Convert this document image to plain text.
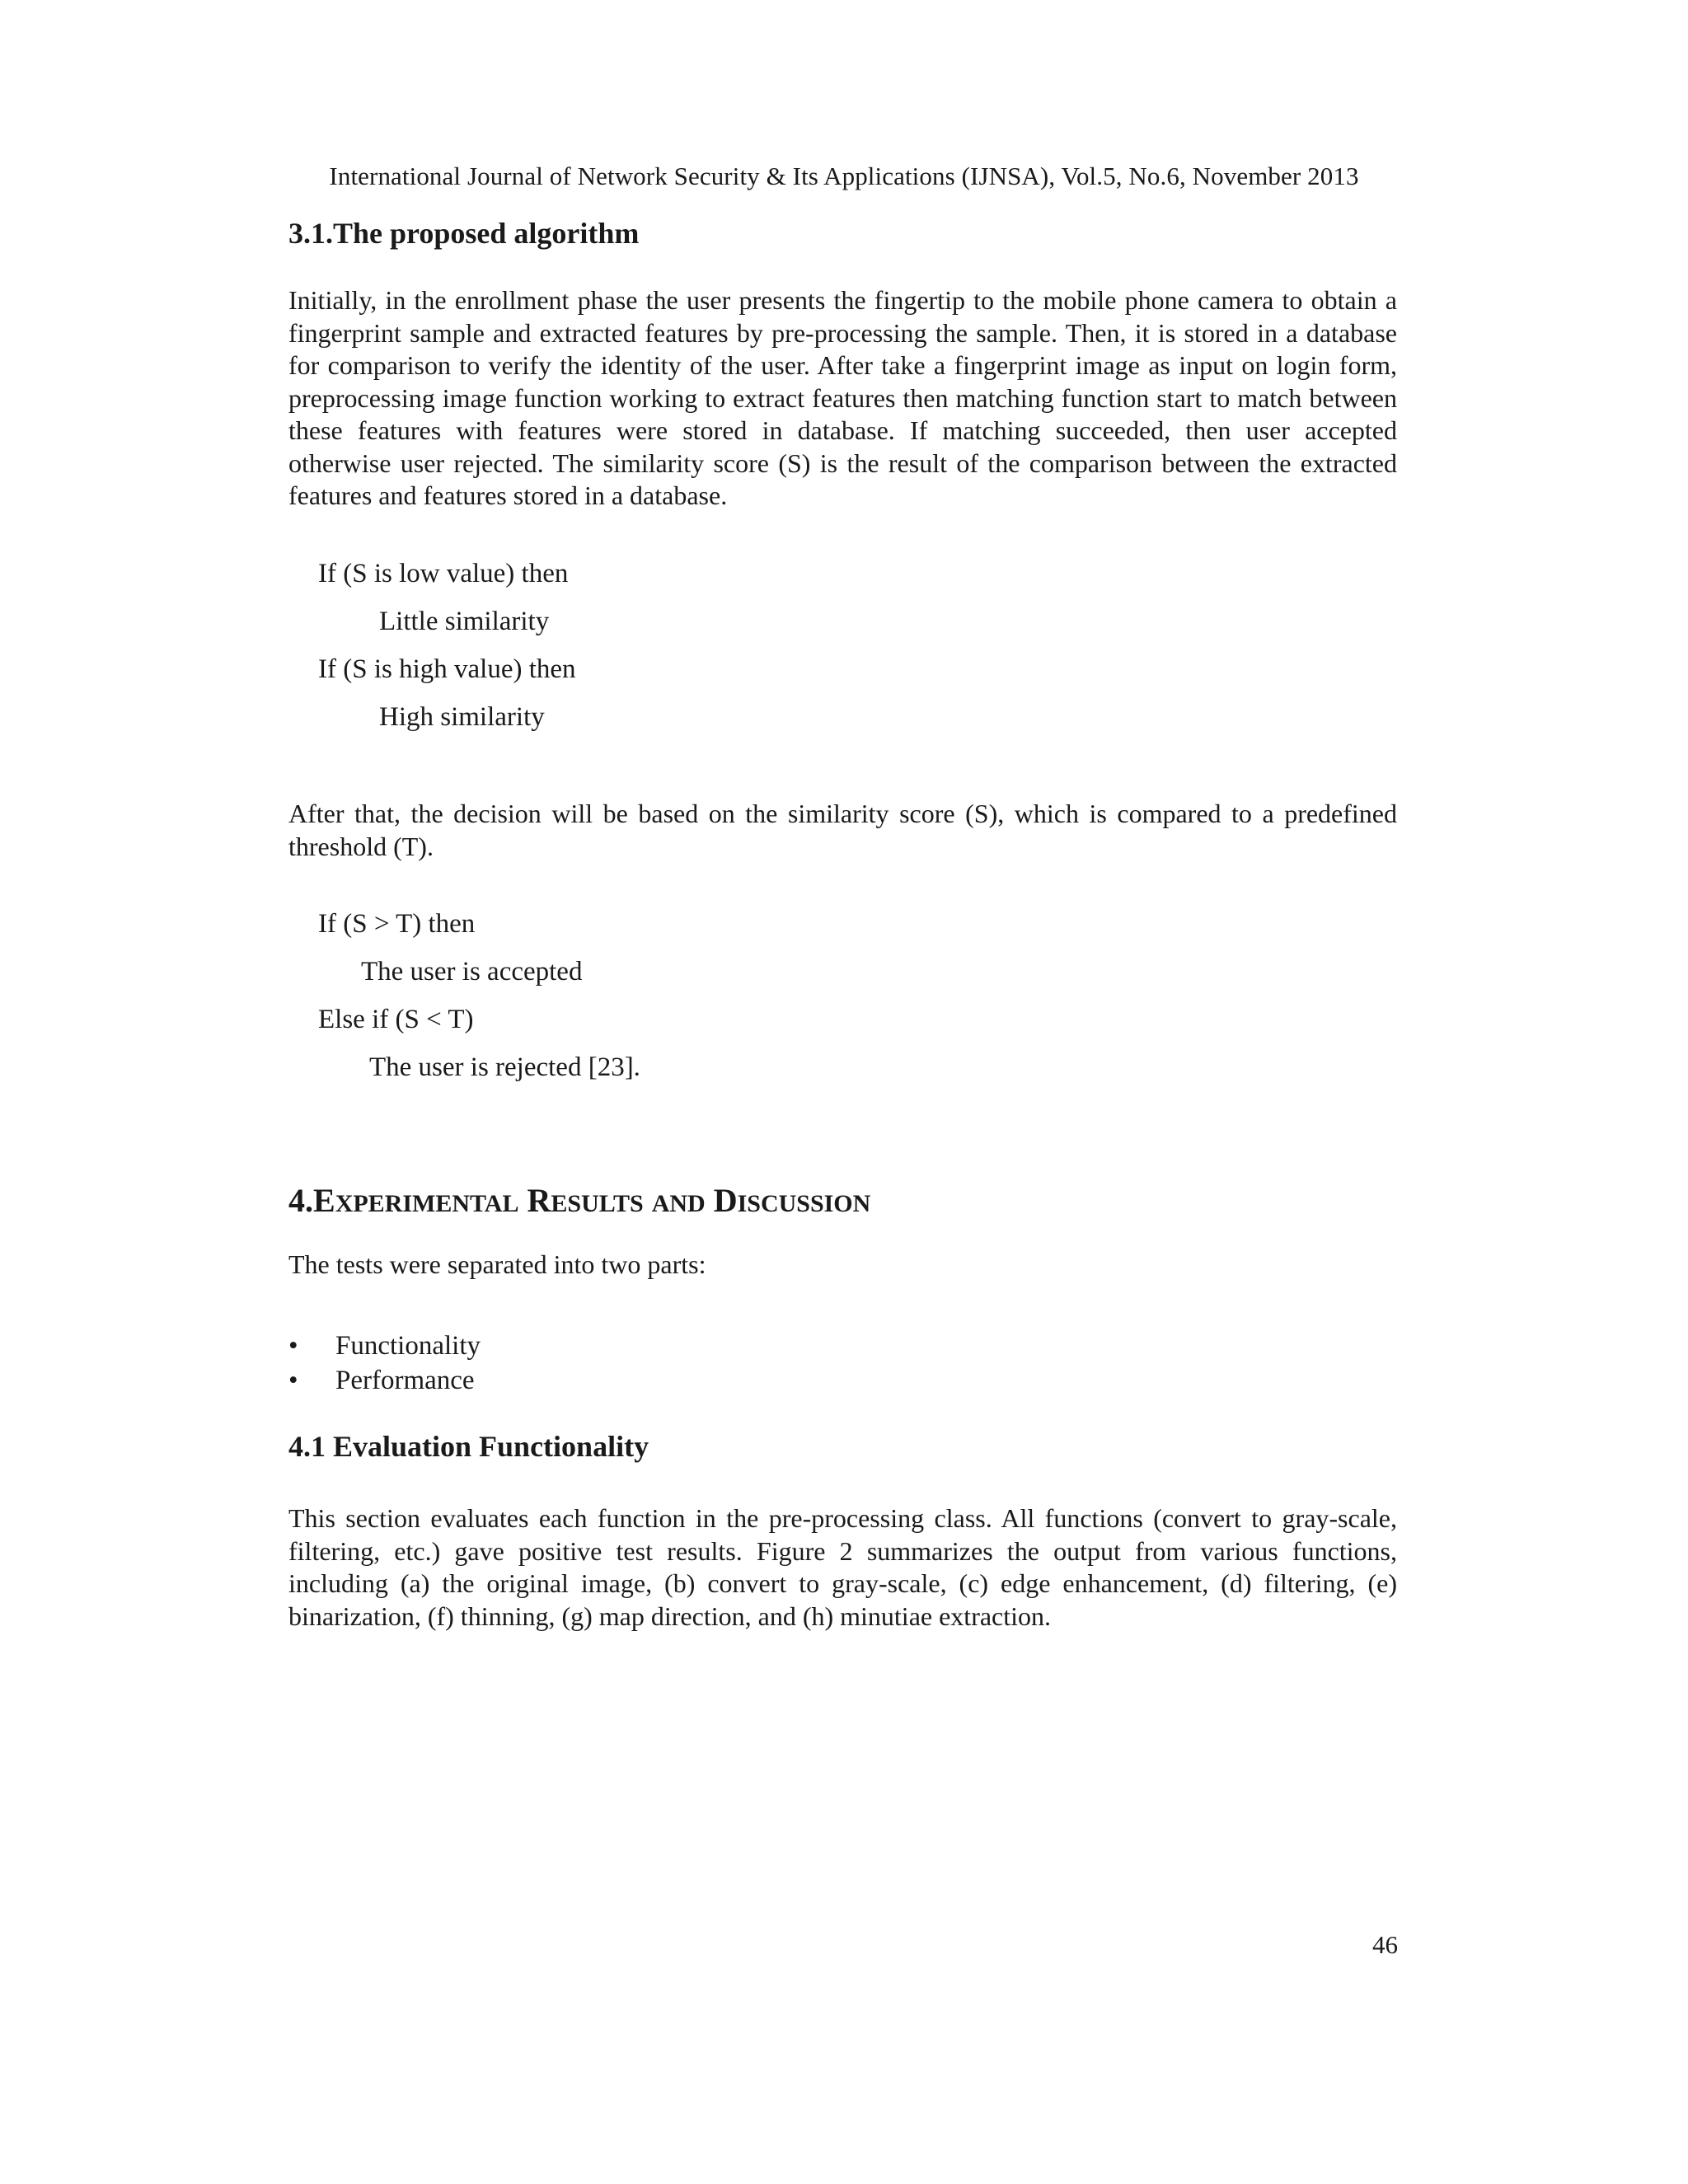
International Journal of Network Security & Its Applications (IJNSA), Vol.5, No.6, November 2013
3.1.The proposed algorithm

Initially, in the enrollment phase the user presents the fingertip to the mobile phone camera to obtain a fingerprint sample and extracted features by pre-processing the sample. Then, it is stored in a database for comparison to verify the identity of the user. After take a fingerprint image as input on login form, preprocessing image function working to extract features then matching function start to match between these features with features were stored in database. If matching succeeded, then user accepted otherwise user rejected. The similarity score (S) is the result of the comparison between the extracted features and features stored in a database.

If (S is low value) then
Little similarity
If (S is high value) then
High similarity

After that, the decision will be based on the similarity score (S), which is compared to a predefined threshold (T).

If (S > T) then
The user is accepted
Else if (S < T)
The user is rejected [23].
4.EXPERIMENTAL RESULTS AND DISCUSSION

The tests were separated into two parts:

• Functionality
• Performance
4.1 Evaluation Functionality

This section evaluates each function in the pre-processing class. All functions (convert to gray-scale, filtering, etc.) gave positive test results. Figure 2 summarizes the output from various functions, including (a) the original image, (b) convert to gray-scale, (c) edge enhancement, (d) filtering, (e) binarization, (f) thinning, (g) map direction, and (h) minutiae extraction.

46
